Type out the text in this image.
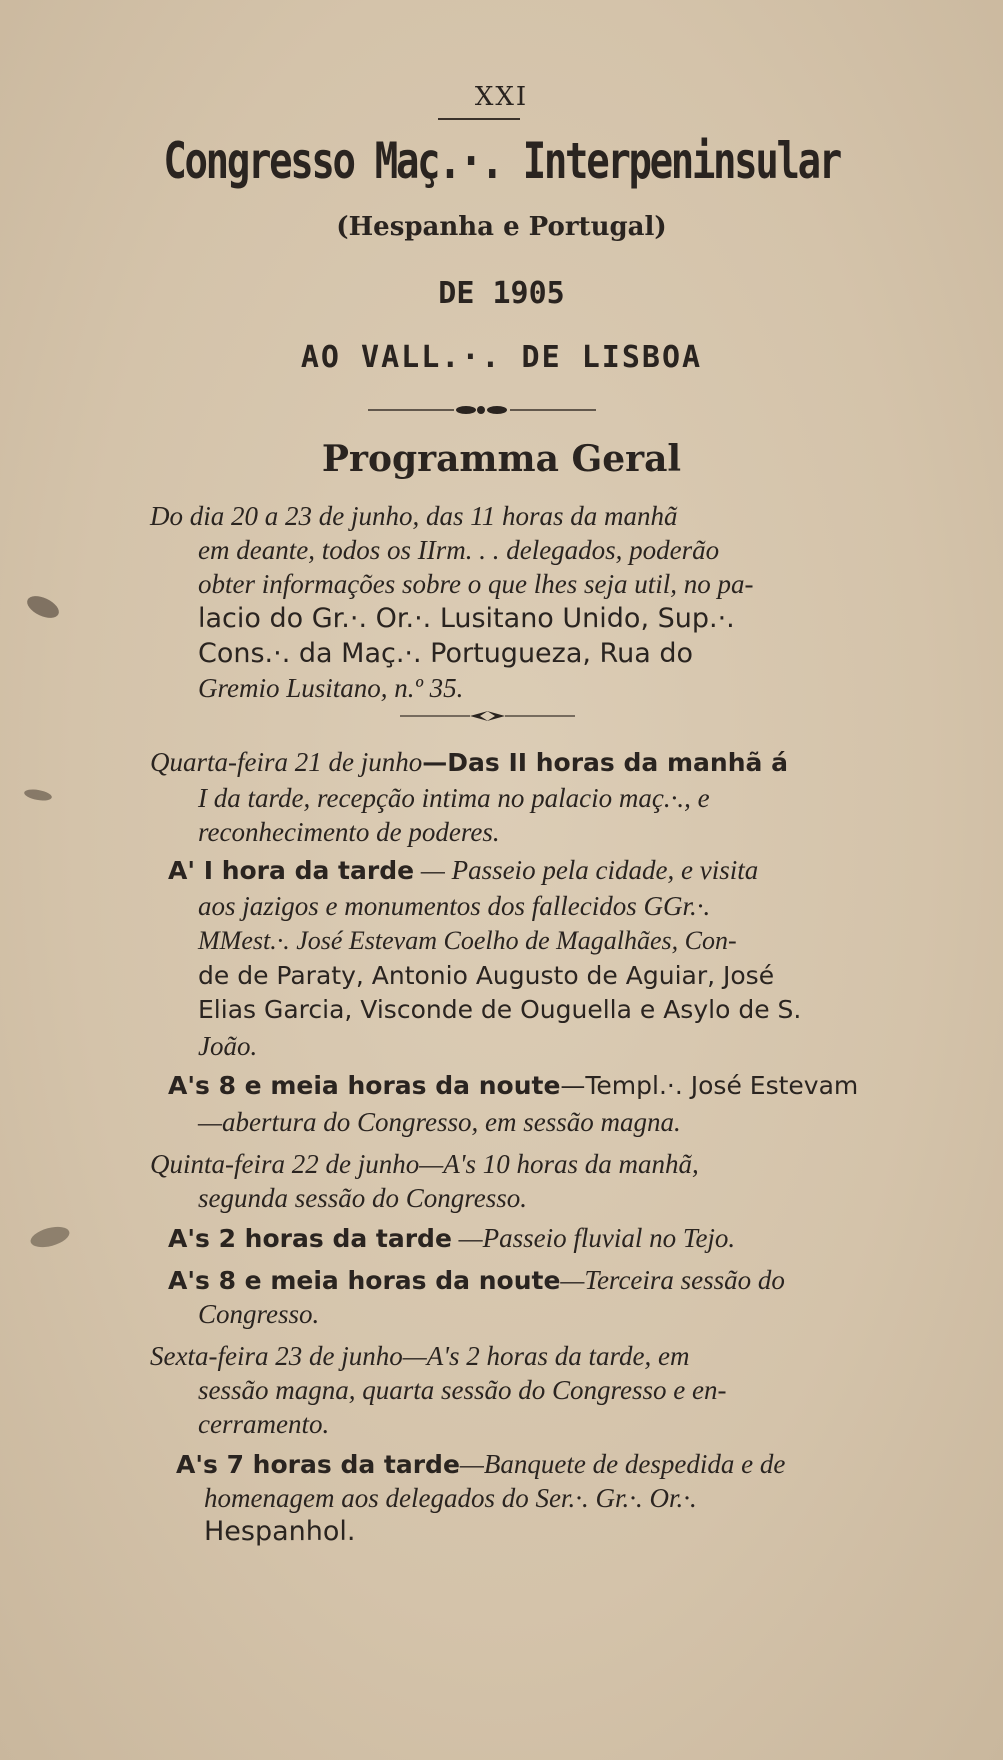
XXI
Congresso Maç.·. Interpeninsular
(Hespanha e Portugal)
DE 1905
AO VALL.·. DE LISBOA
Programma Geral
Do dia 20 a 23 de junho, das 11 horas da manhã
em deante, todos os IIrm. . . delegados, poderão
obter informações sobre o que lhes seja util, no pa-
lacio do Gr.·. Or.·. Lusitano Unido, Sup.·.
Cons.·. da Maç.·. Portugueza, Rua do
Gremio Lusitano, n.º 35.
Quarta-feira 21 de junho—Das II horas da manhã á
I da tarde, recepção intima no palacio maç.·., e
reconhecimento de poderes.
A' I hora da tarde — Passeio pela cidade, e visita
aos jazigos e monumentos dos fallecidos GGr.·.
MMest.·. José Estevam Coelho de Magalhães, Con-
de de Paraty, Antonio Augusto de Aguiar, José
Elias Garcia, Visconde de Ouguella e Asylo de S.
João.
A's 8 e meia horas da noute—Templ.·. José Estevam
—abertura do Congresso, em sessão magna.
Quinta-feira 22 de junho—A's 10 horas da manhã,
segunda sessão do Congresso.
A's 2 horas da tarde —Passeio fluvial no Tejo.
A's 8 e meia horas da noute—Terceira sessão do
Congresso.
Sexta-feira 23 de junho—A's 2 horas da tarde, em
sessão magna, quarta sessão do Congresso e en-
cerramento.
A's 7 horas da tarde—Banquete de despedida e de
homenagem aos delegados do Ser.·. Gr.·. Or.·.
Hespanhol.
